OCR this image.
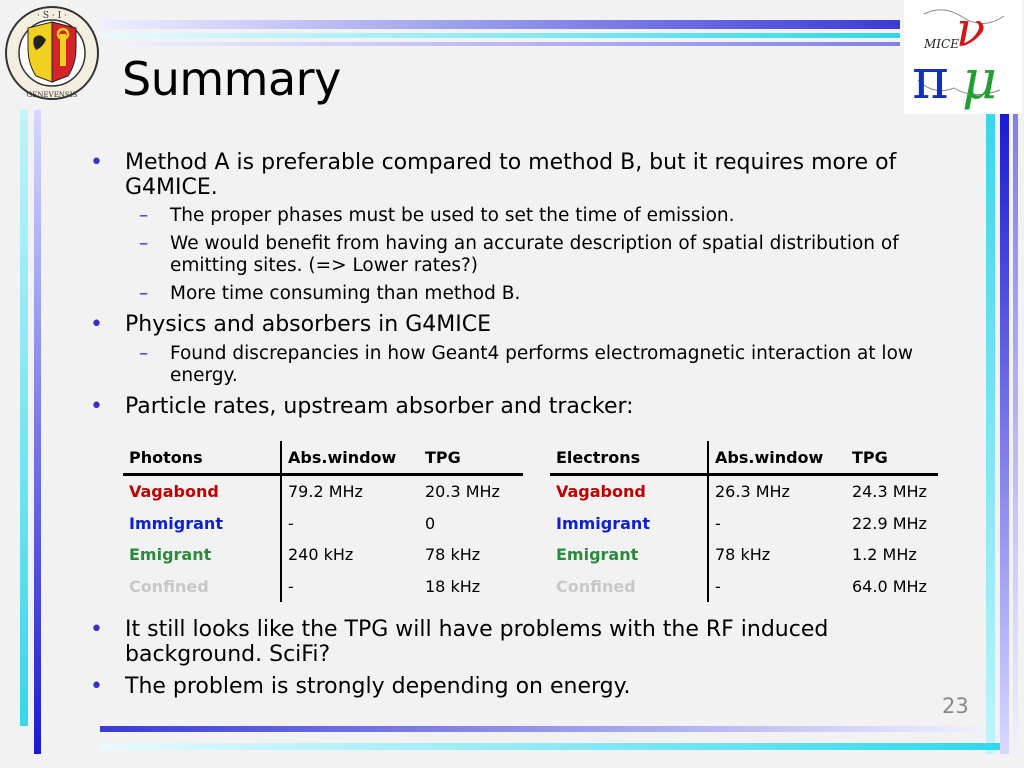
· S · I ·
GENEVENSIS
MICE
π
ν
μ
Summary

• Method A is preferable compared to method B, but it requires more of G4MICE.

– The proper phases must be used to set the time of emission.

– We would benefit from having an accurate description of spatial distribution of emitting sites. (=> Lower rates?)

– More time consuming than method B.

• Physics and absorbers in G4MICE

– Found discrepancies in how Geant4 performs electromagnetic interaction at low energy.

• Particle rates, upstream absorber and tracker:

Photons	Abs.window	TPG
Vagabond	79.2 MHz	20.3 MHz
Immigrant	-	0
Emigrant	240 kHz	78 kHz
Confined	-	18 kHz
Electrons	Abs.window	TPG
Vagabond	26.3 MHz	24.3 MHz
Immigrant	-	22.9 MHz
Emigrant	78 kHz	1.2 MHz
Confined	-	64.0 MHz

• It still looks like the TPG will have problems with the RF induced background. SciFi?

• The problem is strongly depending on energy.

23
